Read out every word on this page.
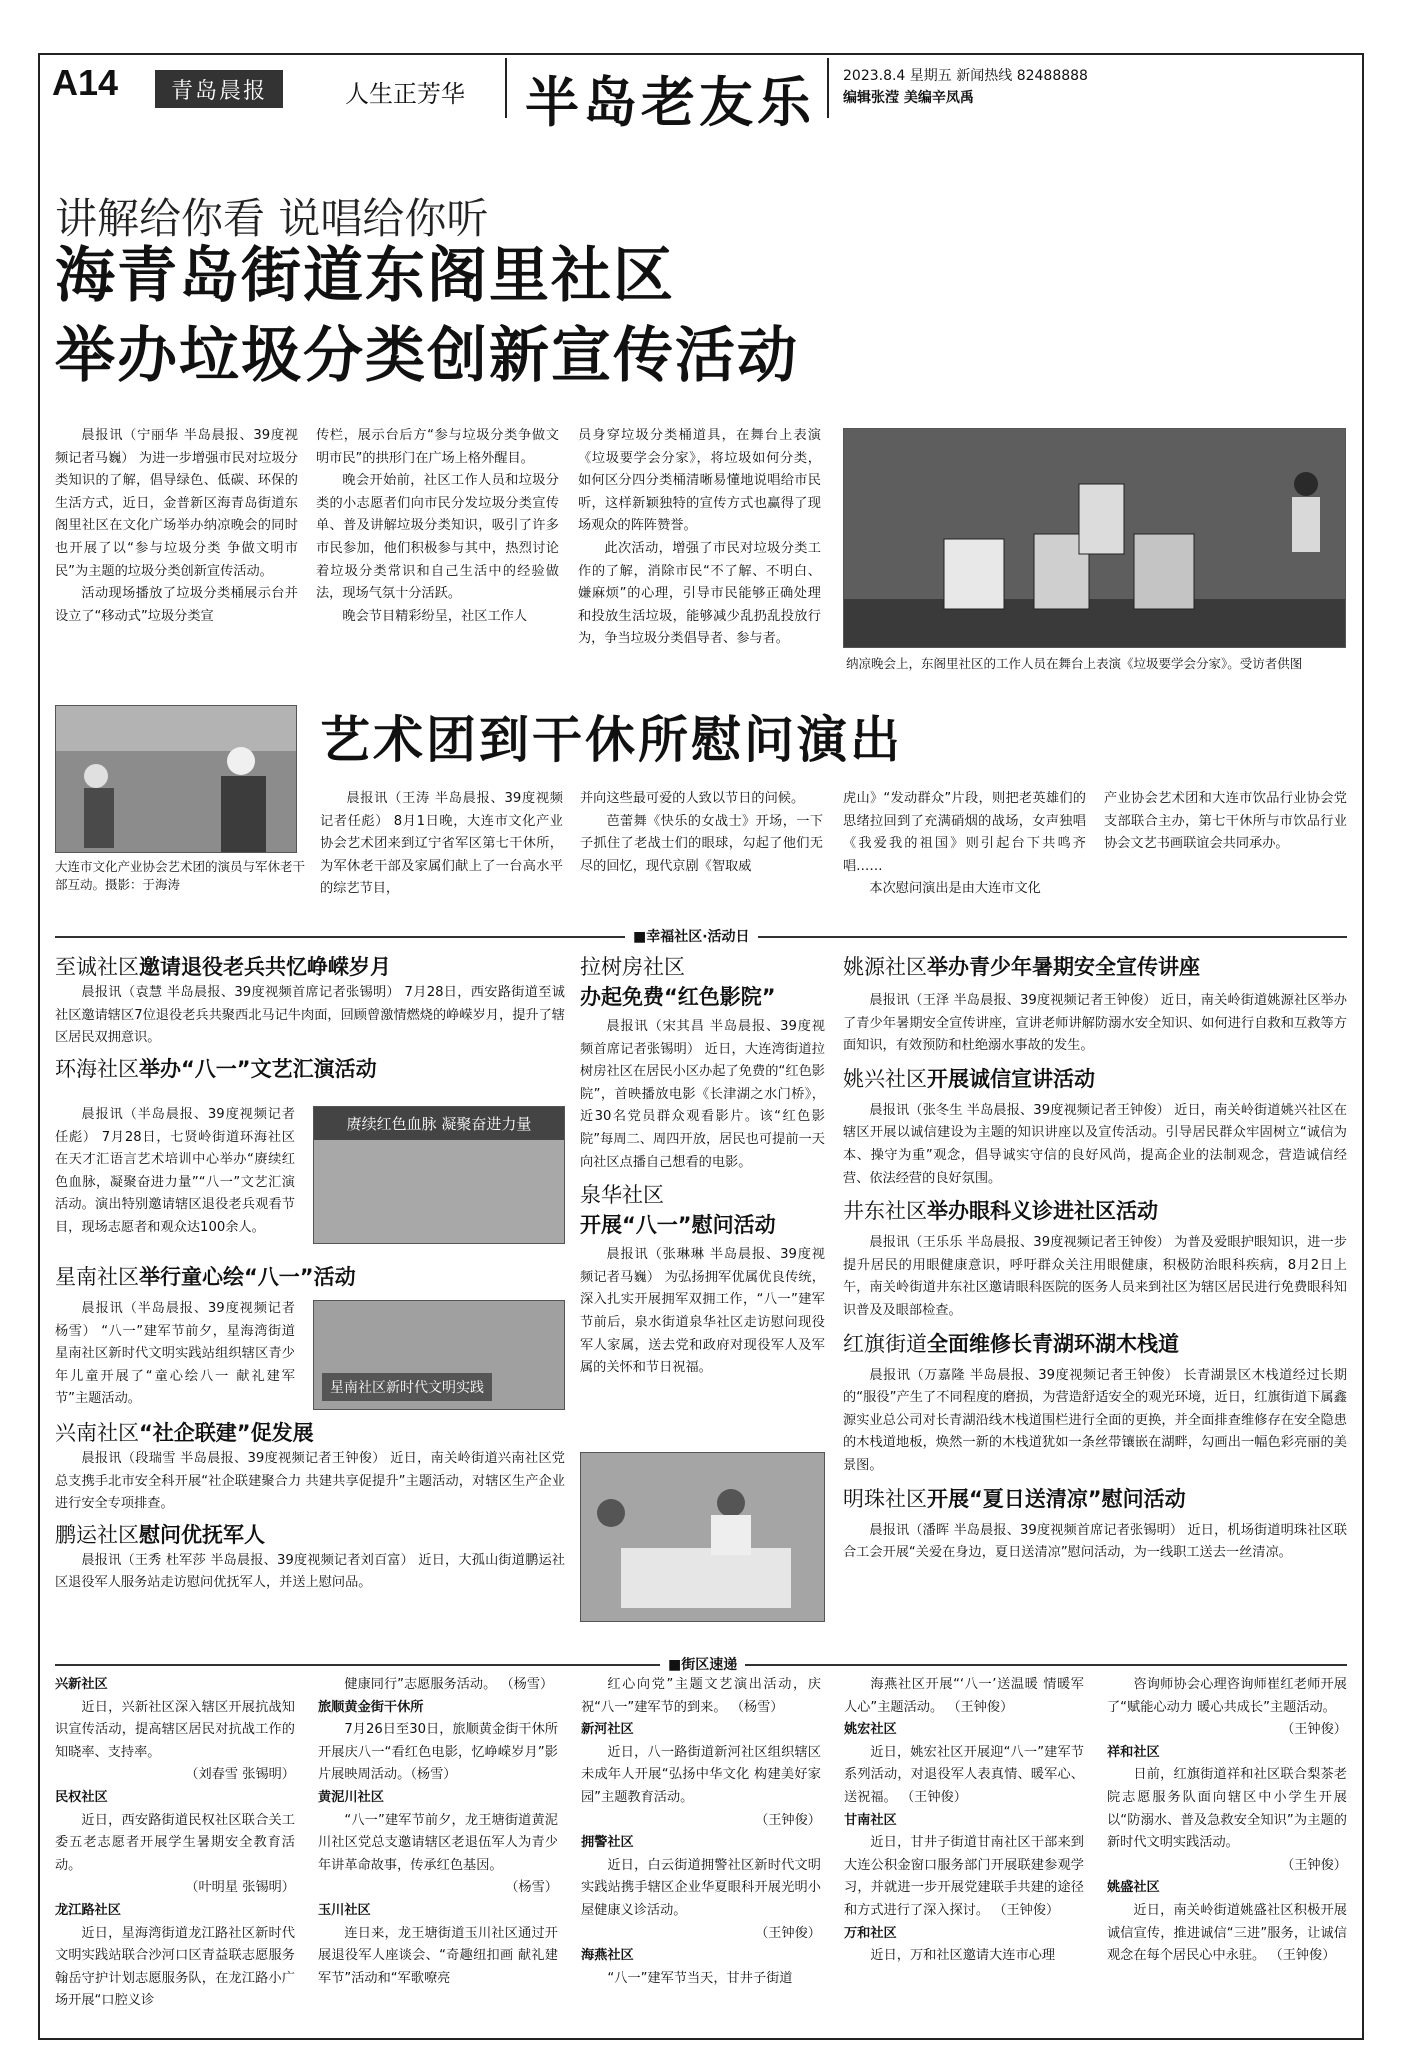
A14	青岛晨报	人生正芳华 半岛老友乐 2023.8.4 星期五 新闻热线 82488888
编辑张滢 美编辛凤禹
讲解给你看 说唱给你听
海青岛街道东阁里社区
举办垃圾分类创新宣传活动

晨报讯（宁丽华 半岛晨报、39度视频记者马巍） 为进一步增强市民对垃圾分类知识的了解，倡导绿色、低碳、环保的生活方式，近日，金普新区海青岛街道东阁里社区在文化广场举办纳凉晚会的同时也开展了以“参与垃圾分类 争做文明市民”为主题的垃圾分类创新宣传活动。

活动现场播放了垃圾分类桶展示台并设立了“移动式”垃圾分类宣

传栏，展示台后方“参与垃圾分类争做文明市民”的拱形门在广场上格外醒目。

晚会开始前，社区工作人员和垃圾分类的小志愿者们向市民分发垃圾分类宣传单、普及讲解垃圾分类知识，吸引了许多市民参加，他们积极参与其中，热烈讨论着垃圾分类常识和自己生活中的经验做法，现场气氛十分活跃。

晚会节目精彩纷呈，社区工作人

员身穿垃圾分类桶道具，在舞台上表演《垃圾要学会分家》，将垃圾如何分类，如何区分四分类桶清晰易懂地说唱给市民听，这样新颖独特的宣传方式也赢得了现场观众的阵阵赞誉。

此次活动，增强了市民对垃圾分类工作的了解，消除市民“不了解、不明白、嫌麻烦”的心理，引导市民能够正确处理和投放生活垃圾，能够减少乱扔乱投放行为，争当垃圾分类倡导者、参与者。

纳凉晚会上，东阁里社区的工作人员在舞台上表演《垃圾要学会分家》。受访者供图
大连市文化产业协会艺术团的演员与军休老干部互动。摄影：于海涛
艺术团到干休所慰问演出

晨报讯（王涛 半岛晨报、39度视频记者任彪） 8月1日晚，大连市文化产业协会艺术团来到辽宁省军区第七干休所，为军休老干部及家属们献上了一台高水平的综艺节目，

并向这些最可爱的人致以节日的问候。

芭蕾舞《快乐的女战士》开场，一下子抓住了老战士们的眼球，勾起了他们无尽的回忆，现代京剧《智取威

虎山》“发动群众”片段，则把老英雄们的思绪拉回到了充满硝烟的战场，女声独唱《我爱我的祖国》则引起台下共鸣齐唱……

本次慰问演出是由大连市文化

产业协会艺术团和大连市饮品行业协会党支部联合主办，第七干休所与市饮品行业协会文艺书画联谊会共同承办。

■幸福社区·活动日
至诚社区邀请退役老兵共忆峥嵘岁月
晨报讯（袁慧 半岛晨报、39度视频首席记者张锡明） 7月28日，西安路街道至诚社区邀请辖区7位退役老兵共聚西北马记牛肉面，回顾曾激情燃烧的峥嵘岁月，提升了辖区居民双拥意识。
环海社区举办“八一”文艺汇演活动
晨报讯（半岛晨报、39度视频记者任彪） 7月28日，七贤岭街道环海社区在天才汇语言艺术培训中心举办“赓续红色血脉，凝聚奋进力量”“八一”文艺汇演活动。演出特别邀请辖区退役老兵观看节目，现场志愿者和观众达100余人。
赓续红色血脉 凝聚奋进力量
星南社区举行童心绘“八一”活动
晨报讯（半岛晨报、39度视频记者杨雪） “八一”建军节前夕，星海湾街道星南社区新时代文明实践站组织辖区青少年儿童开展了“童心绘八一 献礼建军节”主题活动。
星南社区新时代文明实践
兴南社区“社企联建”促发展
晨报讯（段瑞雪 半岛晨报、39度视频记者王钟俊） 近日，南关岭街道兴南社区党总支携手北市安全科开展“社企联建聚合力 共建共享促提升”主题活动，对辖区生产企业进行安全专项排查。
鹏运社区慰问优抚军人
晨报讯（王秀 杜军莎 半岛晨报、39度视频记者刘百富） 近日，大孤山街道鹏运社区退役军人服务站走访慰问优抚军人，并送上慰问品。
拉树房社区
办起免费“红色影院”
晨报讯（宋其昌 半岛晨报、39度视频首席记者张锡明） 近日，大连湾街道拉树房社区在居民小区办起了免费的“红色影院”，首映播放电影《长津湖之水门桥》，近30名党员群众观看影片。该“红色影院”每周二、周四开放，居民也可提前一天向社区点播自己想看的电影。
泉华社区
开展“八一”慰问活动
晨报讯（张琳琳 半岛晨报、39度视频记者马巍） 为弘扬拥军优属优良传统，深入扎实开展拥军双拥工作，“八一”建军节前后，泉水街道泉华社区走访慰问现役军人家属，送去党和政府对现役军人及军属的关怀和节日祝福。
姚源社区举办青少年暑期安全宣传讲座
晨报讯（王泽 半岛晨报、39度视频记者王钟俊） 近日，南关岭街道姚源社区举办了青少年暑期安全宣传讲座，宣讲老师讲解防溺水安全知识、如何进行自救和互救等方面知识，有效预防和杜绝溺水事故的发生。
姚兴社区开展诚信宣讲活动
晨报讯（张冬生 半岛晨报、39度视频记者王钟俊） 近日，南关岭街道姚兴社区在辖区开展以诚信建设为主题的知识讲座以及宣传活动。引导居民群众牢固树立“诚信为本、操守为重”观念，倡导诚实守信的良好风尚，提高企业的法制观念，营造诚信经营、依法经营的良好氛围。
井东社区举办眼科义诊进社区活动
晨报讯（王乐乐 半岛晨报、39度视频记者王钟俊） 为普及爱眼护眼知识，进一步提升居民的用眼健康意识，呼吁群众关注用眼健康，积极防治眼科疾病，8月2日上午，南关岭街道井东社区邀请眼科医院的医务人员来到社区为辖区居民进行免费眼科知识普及及眼部检查。
红旗街道全面维修长青湖环湖木栈道
晨报讯（万嘉隆 半岛晨报、39度视频记者王钟俊） 长青湖景区木栈道经过长期的“服役”产生了不同程度的磨损，为营造舒适安全的观光环境，近日，红旗街道下属鑫源实业总公司对长青湖沿线木栈道围栏进行全面的更换，并全面排查维修存在安全隐患的木栈道地板，焕然一新的木栈道犹如一条丝带镶嵌在湖畔，勾画出一幅色彩亮丽的美景图。
明珠社区开展“夏日送清凉”慰问活动
晨报讯（潘晖 半岛晨报、39度视频首席记者张锡明） 近日，机场街道明珠社区联合工会开展“关爱在身边，夏日送清凉”慰问活动，为一线职工送去一丝清凉。
■街区速递
兴新社区
近日，兴新社区深入辖区开展抗战知识宣传活动，提高辖区居民对抗战工作的知晓率、支持率。
（刘春雪 张锡明）
民权社区
近日，西安路街道民权社区联合关工委五老志愿者开展学生暑期安全教育活动。
（叶明星 张锡明）
龙江路社区
近日，星海湾街道龙江路社区新时代文明实践站联合沙河口区青益联志愿服务翰岳守护计划志愿服务队，在龙江路小广场开展“口腔义诊
健康同行”志愿服务活动。 （杨雪）
旅顺黄金街干休所
7月26日至30日，旅顺黄金街干休所开展庆八一“看红色电影，忆峥嵘岁月”影片展映周活动。（杨雪）
黄泥川社区
“八一”建军节前夕，龙王塘街道黄泥川社区党总支邀请辖区老退伍军人为青少年讲革命故事，传承红色基因。
（杨雪）
玉川社区
连日来，龙王塘街道玉川社区通过开展退役军人座谈会、“奇趣纽扣画 献礼建军节”活动和“军歌嘹亮
红心向党”主题文艺演出活动，庆祝“八一”建军节的到来。 （杨雪）
新河社区
近日，八一路街道新河社区组织辖区未成年人开展“弘扬中华文化 构建美好家园”主题教育活动。
（王钟俊）
拥警社区
近日，白云街道拥警社区新时代文明实践站携手辖区企业华夏眼科开展光明小屋健康义诊活动。
（王钟俊）
海燕社区
“八一”建军节当天，甘井子街道
海燕社区开展“‘八一’送温暖 情暖军人心”主题活动。 （王钟俊）
姚宏社区
近日，姚宏社区开展迎“八一”建军节系列活动，对退役军人表真情、暖军心、送祝福。 （王钟俊）
甘南社区
近日，甘井子街道甘南社区干部来到大连公积金窗口服务部门开展联建参观学习，并就进一步开展党建联手共建的途径和方式进行了深入探讨。 （王钟俊）
万和社区
近日，万和社区邀请大连市心理
咨询师协会心理咨询师崔红老师开展了“赋能心动力 暖心共成长”主题活动。
（王钟俊）
祥和社区
日前，红旗街道祥和社区联合梨茶老院志愿服务队面向辖区中小学生开展以“防溺水、普及急救安全知识”为主题的新时代文明实践活动。
（王钟俊）
姚盛社区
近日，南关岭街道姚盛社区积极开展诚信宣传，推进诚信“三进”服务，让诚信观念在每个居民心中永驻。 （王钟俊）
